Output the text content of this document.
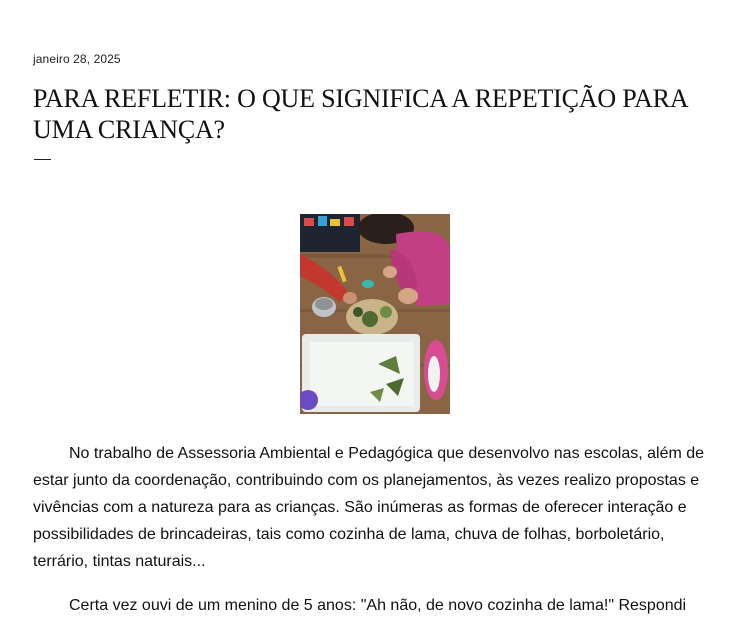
janeiro 28, 2025
PARA REFLETIR: O QUE SIGNIFICA A REPETIÇÃO PARA UMA CRIANÇA?

No trabalho de Assessoria Ambiental e Pedagógica que desenvolvo nas escolas, além de estar junto da coordenação, contribuindo com os planejamentos, às vezes realizo propostas e vivências com a natureza para as crianças. São inúmeras as formas de oferecer interação e possibilidades de brincadeiras, tais como cozinha de lama, chuva de folhas, borboletário, terrário, tintas naturais...

Certa vez ouvi de um menino de 5 anos: "Ah não, de novo cozinha de lama!" Respondi
